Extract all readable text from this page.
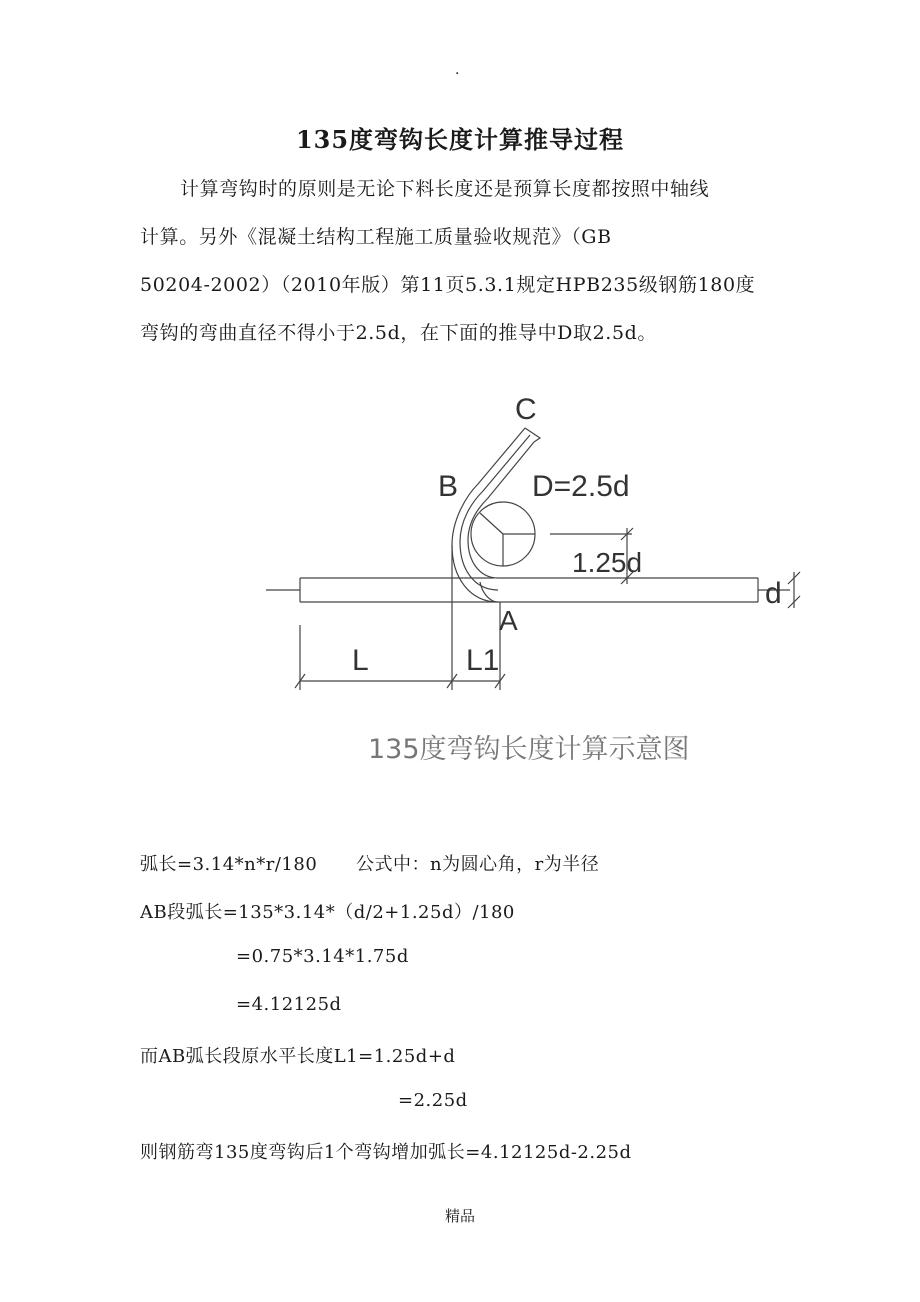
.
135度弯钩长度计算推导过程
计算弯钩时的原则是无论下料长度还是预算长度都按照中轴线
计算。另外《混凝土结构工程施工质量验收规范》（GB
50204-2002）（2010年版）第11页5.3.1规定HPB235级钢筋180度
弯钩的弯曲直径不得小于2.5d，在下面的推导中D取2.5d。
C
B D=2.5d
1.25d
d
A
L	L1
135度弯钩长度计算示意图
弧长=3.14*n*r/180 公式中：n为圆心角，r为半径
AB段弧长=135*3.14*（d/2+1.25d）/180
=0.75*3.14*1.75d
=4.12125d
而AB弧长段原水平长度L1=1.25d+d
=2.25d
则钢筋弯135度弯钩后1个弯钩增加弧长=4.12125d-2.25d
精品
